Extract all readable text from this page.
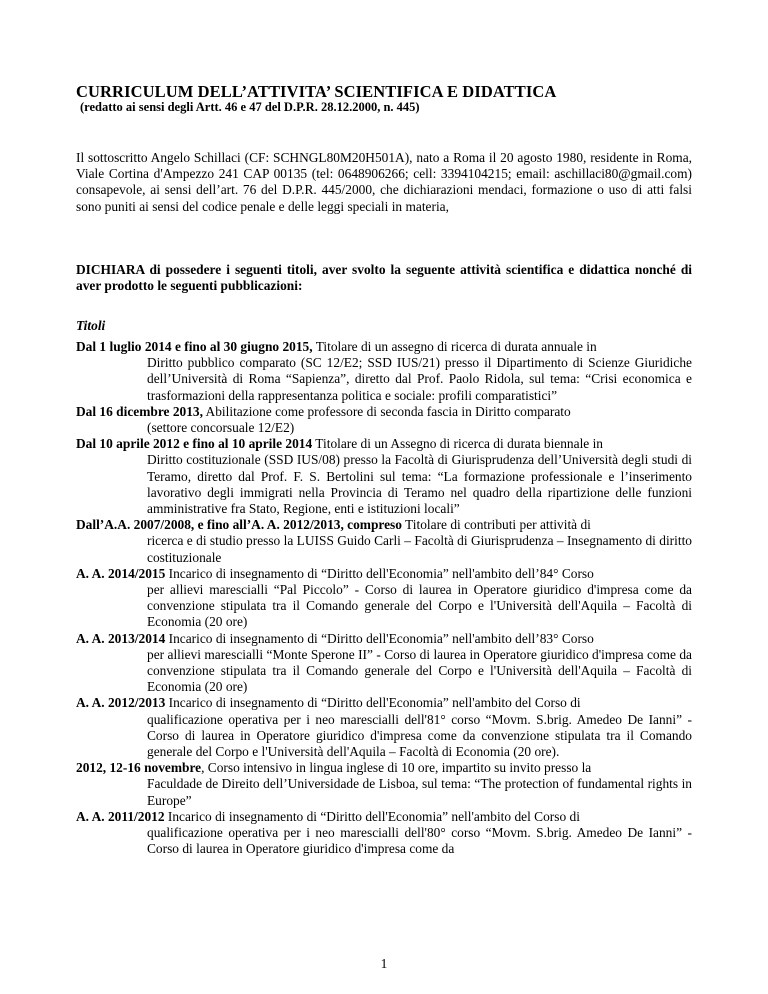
CURRICULUM DELL’ATTIVITA’ SCIENTIFICA E DIDATTICA
(redatto ai sensi degli Artt. 46 e 47 del D.P.R. 28.12.2000, n. 445)

Il sottoscritto Angelo Schillaci (CF: SCHNGL80M20H501A), nato a Roma il 20 agosto 1980, residente in Roma, Viale Cortina d'Ampezzo 241 CAP 00135 (tel: 0648906266; cell: 3394104215; email: aschillaci80@gmail.com) consapevole, ai sensi dell’art. 76 del D.P.R. 445/2000, che dichiarazioni mendaci, formazione o uso di atti falsi sono puniti ai sensi del codice penale e delle leggi speciali in materia,

DICHIARA di possedere i seguenti titoli, aver svolto la seguente attività scientifica e didattica nonché di aver prodotto le seguenti pubblicazioni:

Titoli

Dal 1 luglio 2014 e fino al 30 giugno 2015, Titolare di un assegno di ricerca di durata annuale in
Diritto pubblico comparato (SC 12/E2; SSD IUS/21) presso il Dipartimento di Scienze Giuridiche dell’Università di Roma “Sapienza”, diretto dal Prof. Paolo Ridola, sul tema: “Crisi economica e trasformazioni della rappresentanza politica e sociale: profili comparatistici”

Dal 16 dicembre 2013, Abilitazione come professore di seconda fascia in Diritto comparato
(settore concorsuale 12/E2)

Dal 10 aprile 2012 e fino al 10 aprile 2014 Titolare di un Assegno di ricerca di durata biennale in
Diritto costituzionale (SSD IUS/08) presso la Facoltà di Giurisprudenza dell’Università degli studi di Teramo, diretto dal Prof. F. S. Bertolini sul tema: “La formazione professionale e l’inserimento lavorativo degli immigrati nella Provincia di Teramo nel quadro della ripartizione delle funzioni amministrative fra Stato, Regione, enti e istituzioni locali”

Dall’A.A. 2007/2008, e fino all’A. A. 2012/2013, compreso Titolare di contributi per attività di
ricerca e di studio presso la LUISS Guido Carli – Facoltà di Giurisprudenza – Insegnamento di diritto costituzionale

A. A. 2014/2015 Incarico di insegnamento di “Diritto dell'Economia” nell'ambito dell’84° Corso
per allievi marescialli “Pal Piccolo” - Corso di laurea in Operatore giuridico d'impresa come da convenzione stipulata tra il Comando generale del Corpo e l'Università dell'Aquila – Facoltà di Economia (20 ore)

A. A. 2013/2014 Incarico di insegnamento di “Diritto dell'Economia” nell'ambito dell’83° Corso
per allievi marescialli “Monte Sperone II” - Corso di laurea in Operatore giuridico d'impresa come da convenzione stipulata tra il Comando generale del Corpo e l'Università dell'Aquila – Facoltà di Economia (20 ore)

A. A. 2012/2013 Incarico di insegnamento di “Diritto dell'Economia” nell'ambito del Corso di
qualificazione operativa per i neo marescialli dell'81° corso “Movm. S.brig. Amedeo De Ianni” - Corso di laurea in Operatore giuridico d'impresa come da convenzione stipulata tra il Comando generale del Corpo e l'Università dell'Aquila – Facoltà di Economia (20 ore).

2012, 12-16 novembre, Corso intensivo in lingua inglese di 10 ore, impartito su invito presso la
Faculdade de Direito dell’Universidade de Lisboa, sul tema: “The protection of fundamental rights in Europe”

A. A. 2011/2012 Incarico di insegnamento di “Diritto dell'Economia” nell'ambito del Corso di
qualificazione operativa per i neo marescialli dell'80° corso “Movm. S.brig. Amedeo De Ianni” - Corso di laurea in Operatore giuridico d'impresa come da

1
